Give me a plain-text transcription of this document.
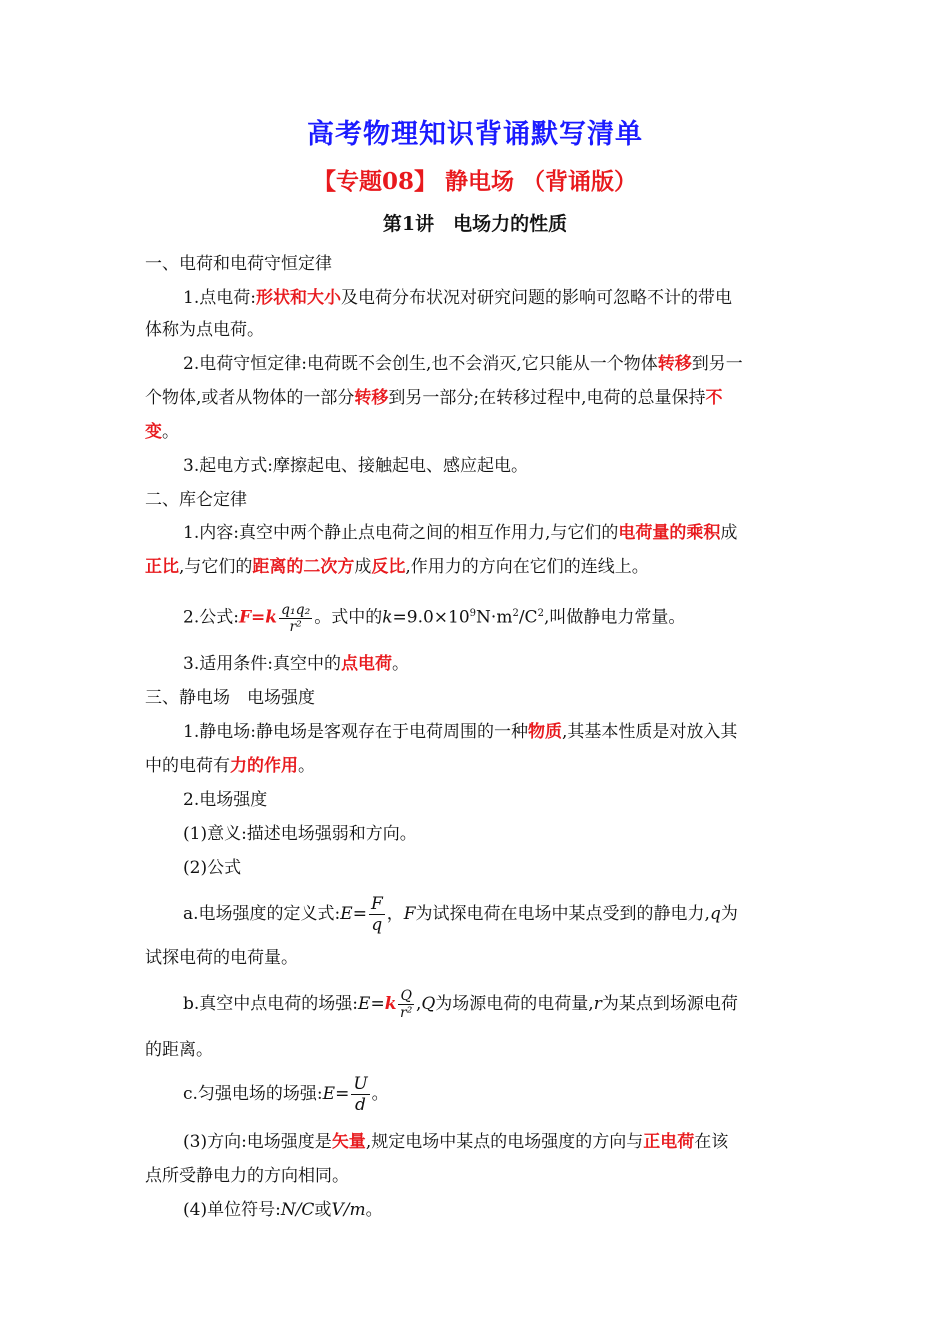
高考物理知识背诵默写清单
【专题08】 静电场 （背诵版）
第1讲　电场力的性质
一、电荷和电荷守恒定律
1.点电荷:形状和大小及电荷分布状况对研究问题的影响可忽略不计的带电
体称为点电荷。
2.电荷守恒定律:电荷既不会创生,也不会消灭,它只能从一个物体转移到另一
个物体,或者从物体的一部分转移到另一部分;在转移过程中,电荷的总量保持不
变。
3.起电方式:摩擦起电、接触起电、感应起电。
二、库仑定律
1.内容:真空中两个静止点电荷之间的相互作用力,与它们的电荷量的乘积成
正比,与它们的距离的二次方成反比,作用力的方向在它们的连线上。
2.公式:F=k $\frac{\text{q₁q₂}}{\text{r²}}$ 。式中的$k=9.0\times 10^9N\cdot m^2/C^2$,叫做静电力常量。
3.适用条件:真空中的点电荷。
三、静电场　电场强度
1.静电场:静电场是客观存在于电荷周围的一种物质,其基本性质是对放入其
中的电荷有力的作用。
2.电场强度
(1)意义:描述电场强弱和方向。
(2)公式
a.电场强度的定义式:E= $\frac{F}{q}$ ，F为试探电荷在电场中某点受到的静电力,q为
试探电荷的电荷量。
b.真空中点电荷的场强:E=k $\frac{Q}{\text{r²}} ,Q$为场源电荷的电荷量,r为某点到场源电荷
的距离。
c.匀强电场的场强:E= $\frac{U}{d}$ 。
(3)方向:电场强度是矢量,规定电场中某点的电场强度的方向与正电荷在该
点所受静电力的方向相同。
(4)单位符号:N/C或V/m。
